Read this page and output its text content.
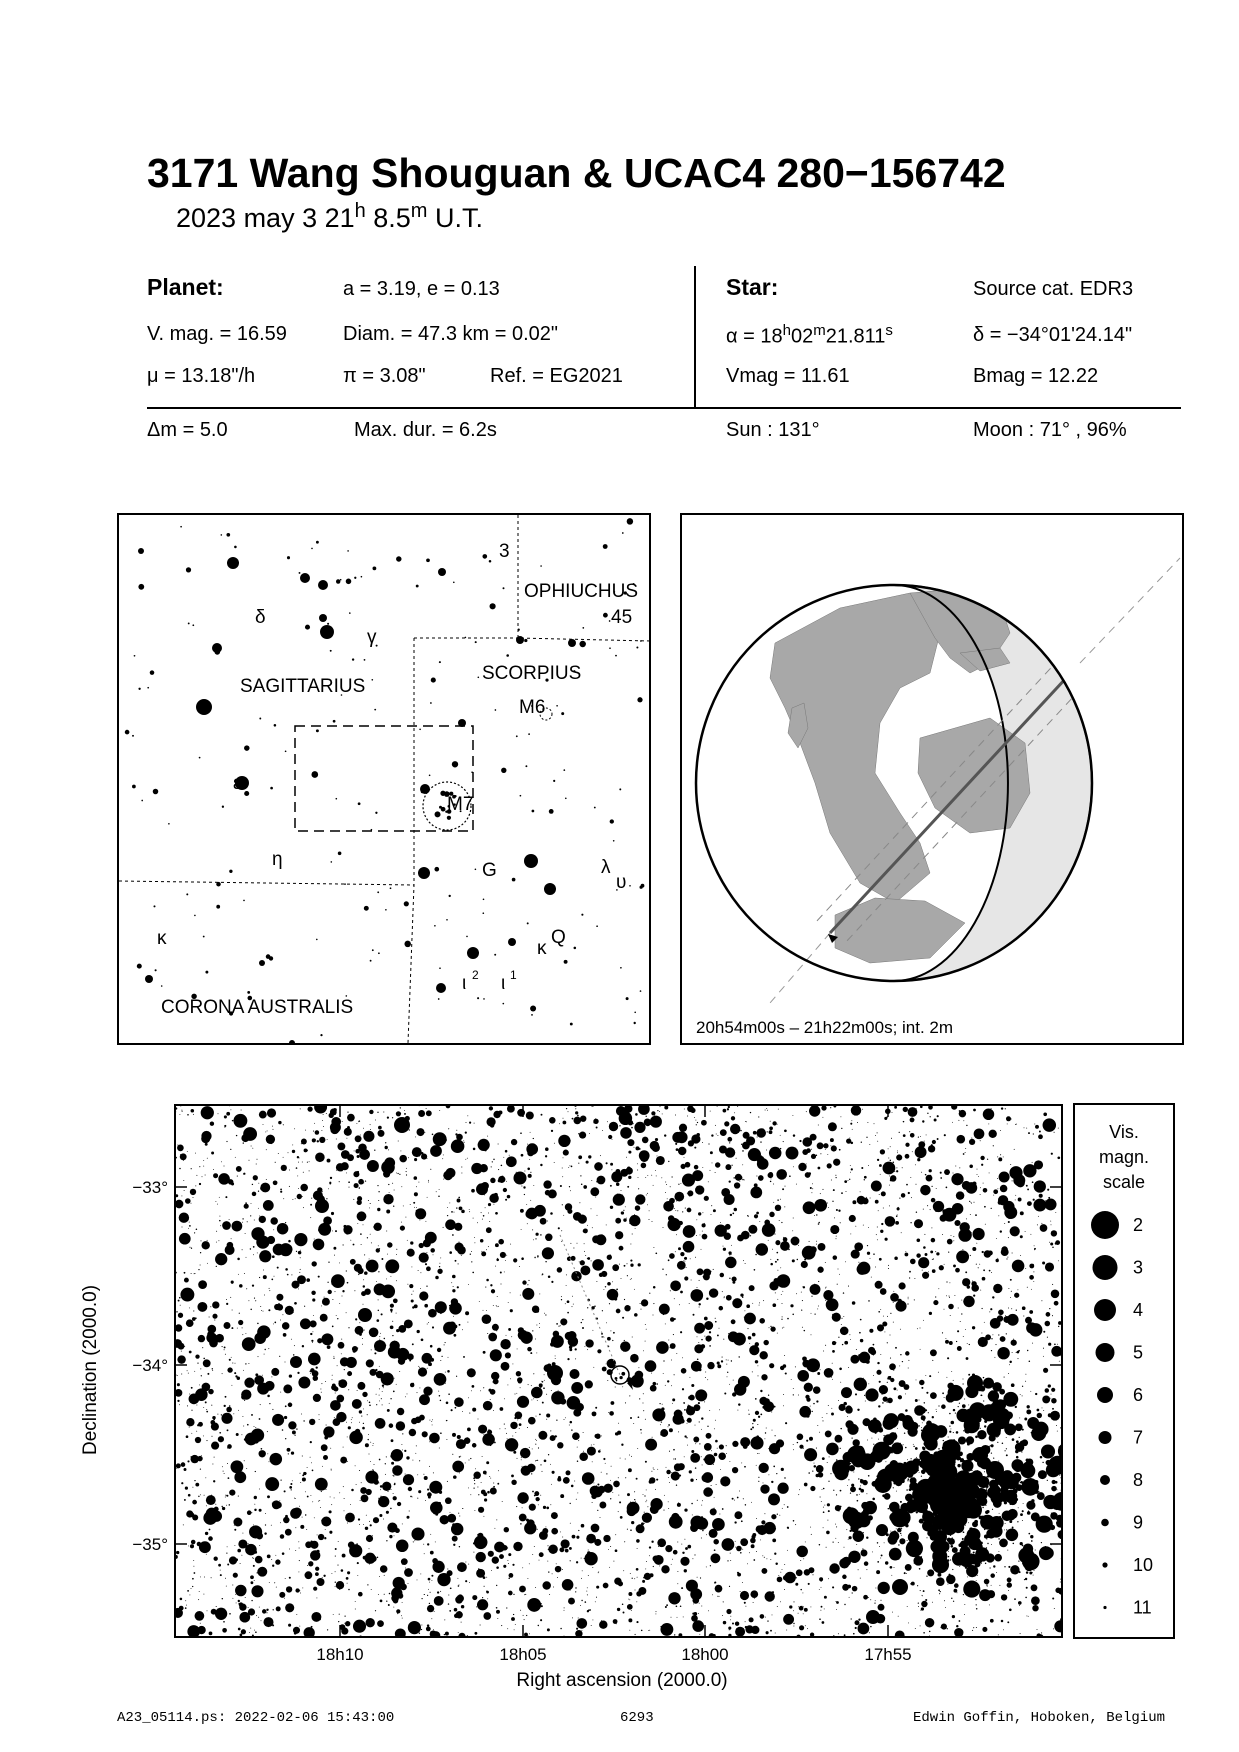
3171 Wang Shouguan & UCAC4 280−156742
2023 may 3 21$^h$ 8.5$^m$ U.T.
Planet:	a = 3.19, e = 0.13
V. mag. = 16.59	Diam. = 47.3 km = 0.02"
μ = 13.18"/h	π = 3.08"	Ref. = EG2021
Star:	Source cat. EDR3
$\alpha = 18^h02^m21.811^s$	δ = −34°01'24.14"
Vmag = 11.61	Bmag = 12.22
Δm = 5.0	Max. dur. = 6.2s	Sun : 131°	Moon : 71° , 96%
OPHIUCHUS
SCORPIUS
SAGITTARIUS
CORONA AUSTRALIS
3
45
δ
γ
M6
M7
ε
η
G	λ
υ
Q
κ
κ
ι 2 ι 1
20h54m00s – 21h22m00s; int. 2m
−33°
−34°
−35°
18h10	18h05	18h00	17h55
Right ascension (2000.0)
Declination (2000.0)
Vis.
magn.
scale
2
3
4
5
6
7
8
9
10
11
A23_05114.ps: 2022-02-06 15:43:00	6293	Edwin Goffin, Hoboken, Belgium
